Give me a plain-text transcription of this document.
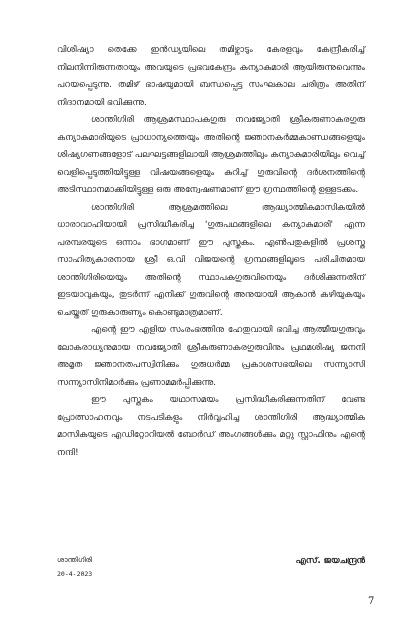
വിശിഷ്യാ തെക്കേ ഇൻഡ്യയിലെ തമിഴ്നാടും കേരളവും കേന്ദ്രീകരിച്ച് നിലനിന്നിരുന്നതായും അവയുടെ പ്രഭവകേന്ദ്രം കന്യാകുമാരി ആയിരുന്നുവെന്നും പറയപ്പെടുന്നു. തമിഴ് ഭാഷയുമായി ബന്ധപ്പെട്ട സംഘകാല ചരിത്രം അതിന് നിദാനമായി ഭവിക്കുന്നു.

ശാന്തിഗിരി ആശ്രമസ്ഥാപകഗുരു നവജ്യോതി ശ്രീകരുണാകരഗുരു കന്യാകുമാരിയുടെ പ്രാധാന്യത്തെയും അതിന്റെ ജ്ഞാനകർമ്മകാണ്ഡങ്ങളെയും ശിഷ്യഗണങ്ങളോട് പലഘട്ടങ്ങളിലായി ആശ്രമത്തിലും കന്യാകുമാരിയിലും വെച്ച് വെളിപ്പെടുത്തിയിട്ടുള്ള വിഷയങ്ങളെയും കുറിച്ച് ഗുരുവിന്റെ ദർശനത്തിന്റെ അടിസ്ഥാനമാക്കിയിട്ടുള്ള ഒരു അന്വേഷണമാണ് ഈ ഗ്രന്ഥത്തിന്റെ ഉള്ളടക്കം.

ശാന്തിഗിരി ആശ്രമത്തിലെ ആദ്ധ്യാത്മികമാസികയിൽ ധാരാവാഹിയായി പ്രസിദ്ധീകരിച്ച 'ഗുരുപഥങ്ങളിലെ കന്യാകുമാരി' എന്ന പരമ്പരയുടെ ഒന്നാം ഭാഗമാണ് ഈ പുസ്തകം. എൺപതുകളിൽ പ്രശസ്ത സാഹിത്യകാരനായ ശ്രീ ഒ.വി വിജയന്റെ ഗ്രന്ഥങ്ങളിലൂടെ പരിചിതമായ ശാന്തിഗിരിയെയും അതിന്റെ സ്ഥാപകഗുരുവിനെയും ദർശിക്കുന്നതിന് ഇടയാവുകയും, തുടർന്ന് എനിക്ക് ഗുരുവിന്റെ അനുയായി ആകാൻ കഴിയുകയും ചെയ്തത് ഗുരുകാരുണ്യം കൊണ്ടുമാത്രമാണ്.

എന്റെ ഈ എളിയ സംരംഭത്തിനു ഹേതുവായി ഭവിച്ച ആത്മീയഗുരുവും ലോകരാധ്യനുമായ നവജ്യോതി ശ്രീകരുണാകരഗുരുവിനും പ്രഥമശിഷ്യ ജനനി അമൃത ജ്ഞാനതപസ്വിനിക്കും ഗുരുധർമ്മ പ്രകാശസഭയിലെ സന്ന്യാസി സന്ന്യാസിനിമാർക്കും പ്രണാമമർപ്പിക്കുന്നു.

ഈ പുസ്തകം യഥാസമയം പ്രസിദ്ധീകരിക്കുന്നതിന് വേണ്ട പ്രോത്സാഹനവും നടപടികളും നിർവ്വഹിച്ച ശാന്തിഗിരി ആദ്ധ്യാത്മിക മാസികയുടെ എഡിറ്റോറിയൽ ബോർഡ് അംഗങ്ങൾക്കും മറ്റു സ്റ്റാഫിനും എന്റെ നന്ദി!

ശാന്തിഗിരി
20-4-2023
എസ്. ജയചന്ദ്രൻ
7
